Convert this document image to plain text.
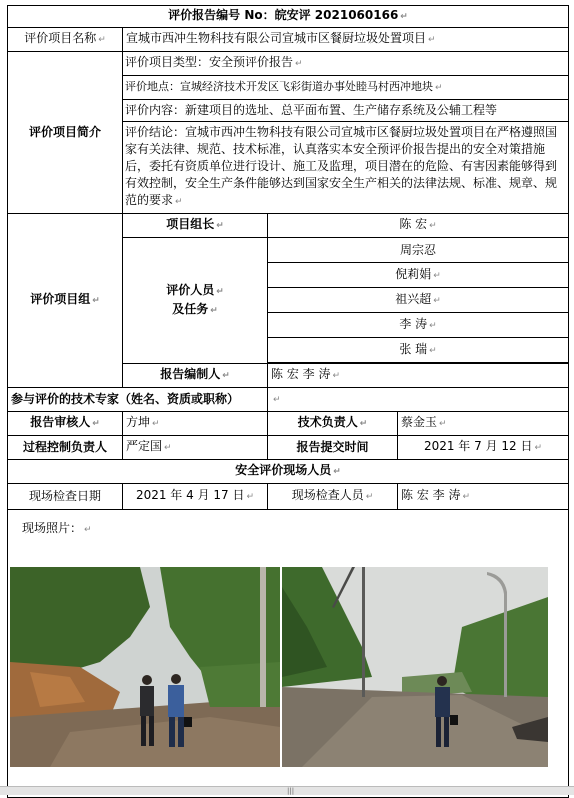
评价报告编号 No：皖安评 2021060166 ↵			
评价项目名称 ↵	宣城市西冲生物科技有限公司宣城市区餐厨垃圾处置项目 ↵		
评价项目简介	评价项目类型：安全预评价报告 ↵
评价地点：宣城经济技术开发区飞彩街道办事处睦马村西冲地块 ↵
评价内容：新建项目的选址、总平面布置、生产储存系统及公辅工程等
评价结论：宣城市西冲生物科技有限公司宣城市区餐厨垃圾处置项目在严格遵照国家有关法律、规范、技术标准，认真落实本安全预评价报告提出的安全对策措施后，委托有资质单位进行设计、施工及监理，项目潜在的危险、有害因素能够得到有效控制，安全生产条件能够达到国家安全生产相关的法律法规、标准、规章、规范的要求 ↵		

评价项目组 ↵	项目组长 ↵	陈 宏 ↵	
	评价人员 ↵
及任务 ↵	周宗忍	
		倪莉娟 ↵	
		祖兴超 ↵	
		李 涛 ↵	
		张 瑞 ↵	

	报告编制人 ↵	陈 宏 李 涛 ↵	
参与评价的技术专家（姓名、资质或职称）		↵	
报告审核人 ↵	方坤 ↵	技术负责人 ↵	蔡金玉 ↵
过程控制负责人	严定国 ↵	报告提交时间	2021 年 7 月 12 日 ↵
安全评价现场人员 ↵			
现场检查日期	2021 年 4 月 17 日 ↵	现场检查人员 ↵	陈 宏 李 涛 ↵

现场照片： ↵			
|||
